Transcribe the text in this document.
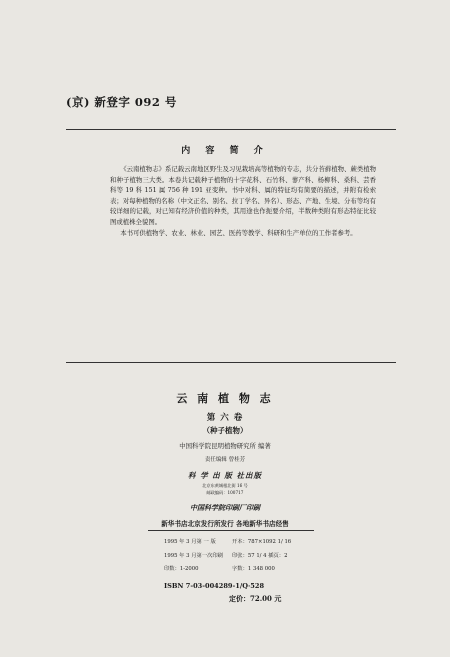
(京) 新登字 092 号
内 容 简 介

《云南植物志》系记载云南地区野生及习见栽培高等植物的专志，共分苔藓植物、蕨类植物和种子植物三大类。本卷共记载种子植物的十字花科、石竹科、蓼产科、杨柳科、桑科、芸香科等 19 科 151 属 756 种 191 亚变种。书中对科、属的特征均有简要的描述，并附有检索表；对每种植物的名称（中文正名、别名、拉丁学名、异名）、形态、产地、生境、分布等均有较详细的记载，对已知有经济价值的种类，其用途也作扼要介绍，半数种类附有形态特征比较图或植株全貌图。

本书可供植物学、农业、林业、园艺、医药等教学、科研和生产单位的工作者参考。

云 南 植 物 志
第 六 卷
（种子植物）
中国科学院昆明植物研究所 编著
责任编辑 曾桂芳
科 学 出 版 社出版
北京东黄城根北街 16 号
邮政编码：100717
中国科学院印刷厂印刷
新华书店北京发行所发行 各地新华书店经售
1995 年 3 月第 一 版	开本：787×1092 1/ 16
1995 年 3 月第一次印刷 印张：57 1/ 4 插页：2
印数：1-2000	字数：1 348 000
ISBN 7-03-004289-1/Q·528
定价：72.00 元
